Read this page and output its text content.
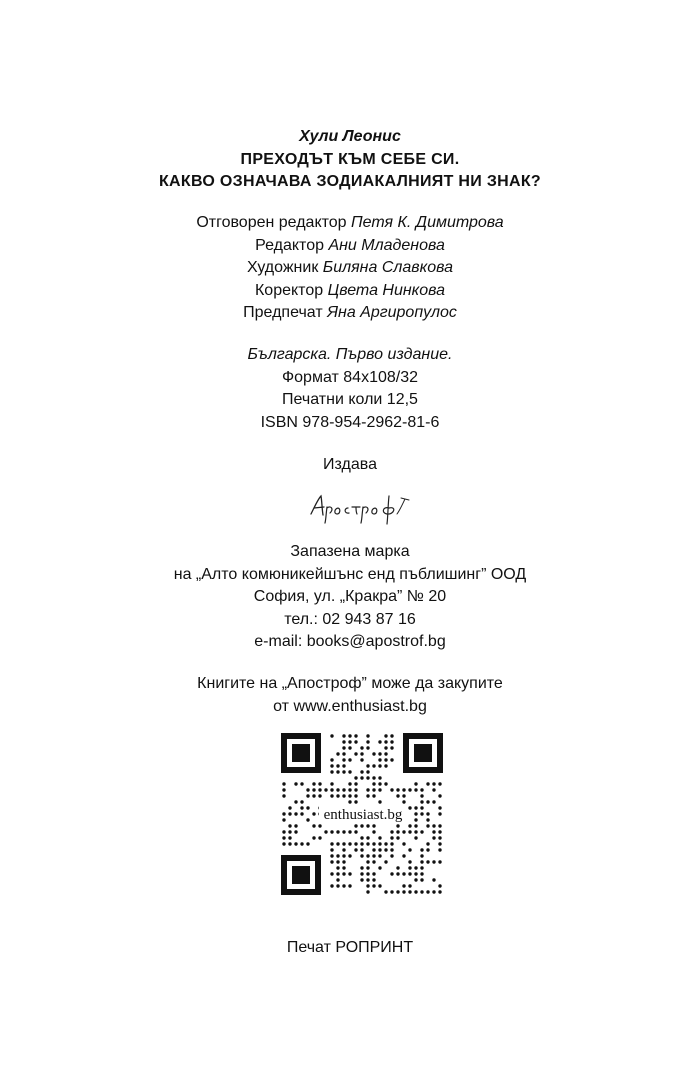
Хули Леонис
ПРЕХОДЪТ КЪМ СЕБЕ СИ.
КАКВО ОЗНАЧАВА ЗОДИАКАЛНИЯТ НИ ЗНАК?
Отговорен редактор Петя К. Димитрова
Редактор Ани Младенова
Художник Биляна Славкова
Коректор Цвета Нинкова
Предпечат Яна Аргиропулос
Българска. Първо издание.
Формат 84х108/32
Печатни коли 12,5
ISBN 978-954-2962-81-6
Издава
Апостроф
Запазена марка
на „Алто комюникейшънс енд пъблишинг” ООД
София, ул. „Кракра” № 20
тел.: 02 943 87 16
e-mail: books@apostrof.bg
Книгите на „Апостроф” може да закупите
от www.enthusiast.bg
enthusiast.bg
Печат РОПРИНТ
